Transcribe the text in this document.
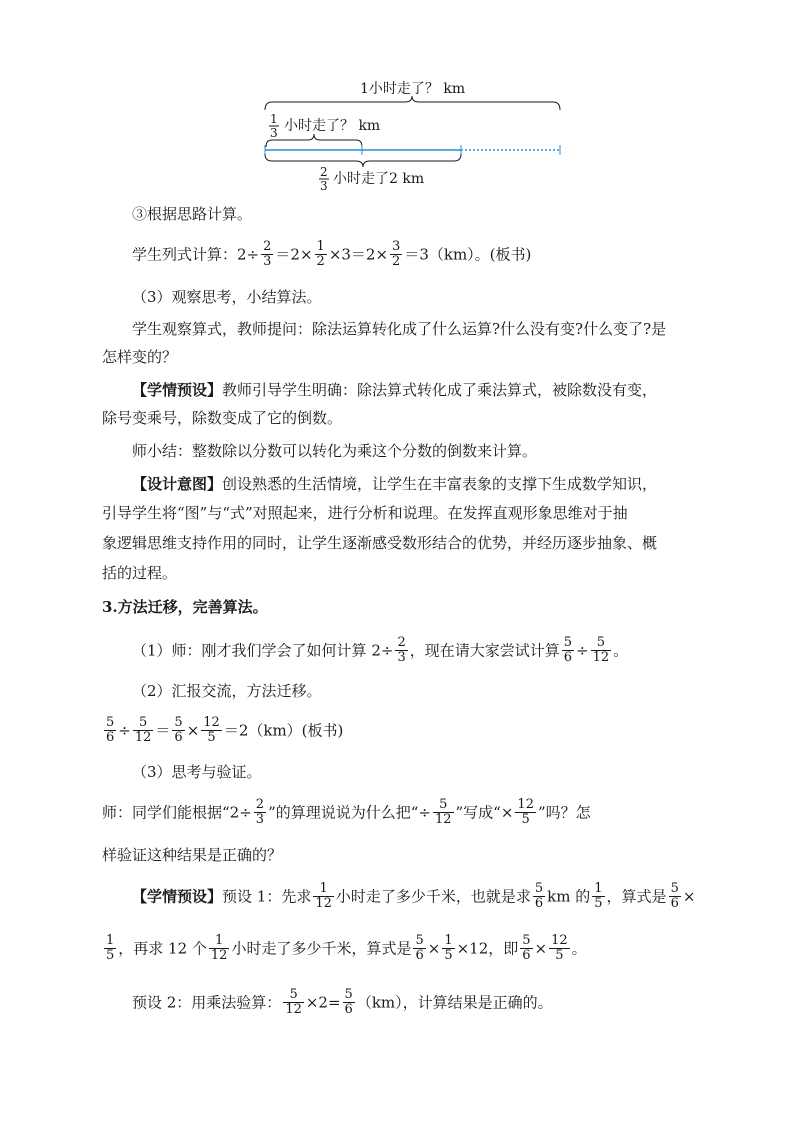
1小时走了？ km
1
3 小时走了？ km
2
3 小时走了2 km
③根据思路计算。
学生列式计算：$2\div \frac{2}{3} =2\times \frac{1}{2} \times 3=2\times \frac{3}{2} =3(km)$。(板书)
（3）观察思考，小结算法。
学生观察算式，教师提问：除法运算转化成了什么运算?什么没有变?什么变了?是
怎样变的？
【学情预设】教师引导学生明确：除法算式转化成了乘法算式，被除数没有变，
除号变乘号，除数变成了它的倒数。
师小结：整数除以分数可以转化为乘这个分数的倒数来计算。
【设计意图】创设熟悉的生活情境，让学生在丰富表象的支撑下生成数学知识，
引导学生将“图”与“式”对照起来，进行分析和说理。在发挥直观形象思维对于抽
象逻辑思维支持作用的同时，让学生逐渐感受数形结合的优势，并经历逐步抽象、概
括的过程。
3.方法迁移，完善算法。
（1）师：刚才我们学会了如何计算 $2\div \frac{2}{3}$ ，现在请大家尝试计算 $\frac{5}{6} \div \frac{5}{12}$ 。
（2）汇报交流，方法迁移。
$\frac{5}{6} \div \frac{5}{12} = \frac{5}{6} \times \frac{12}{5} =2(km)$(板书)
（3）思考与验证。
师：同学们能根据“$2\div \frac{2}{3}$ ”的算理说说为什么把“÷ $\frac{5}{12}$ ”写成“× $\frac{12}{5}$ ”吗？怎
样验证这种结果是正确的？
【学情预设】预设 1：先求 $\frac{1}{12}$ 小时走了多少千米，也就是求 $\frac{5}{6}$ km 的 $\frac{1}{5}$ ，算式是 $\frac{5}{6}$ ×
$\frac{1}{5}$ ，再求 12 个 $\frac{1}{12}$ 小时走了多少千米，算式是 $\frac{5}{6} \times \frac{1}{5} \times 12$，即 $\frac{5}{6} \times \frac{12}{5}$ 。
预设 2：用乘法验算： $\frac{5}{12} \times 2= \frac{5}{6} (km)$，计算结果是正确的。
